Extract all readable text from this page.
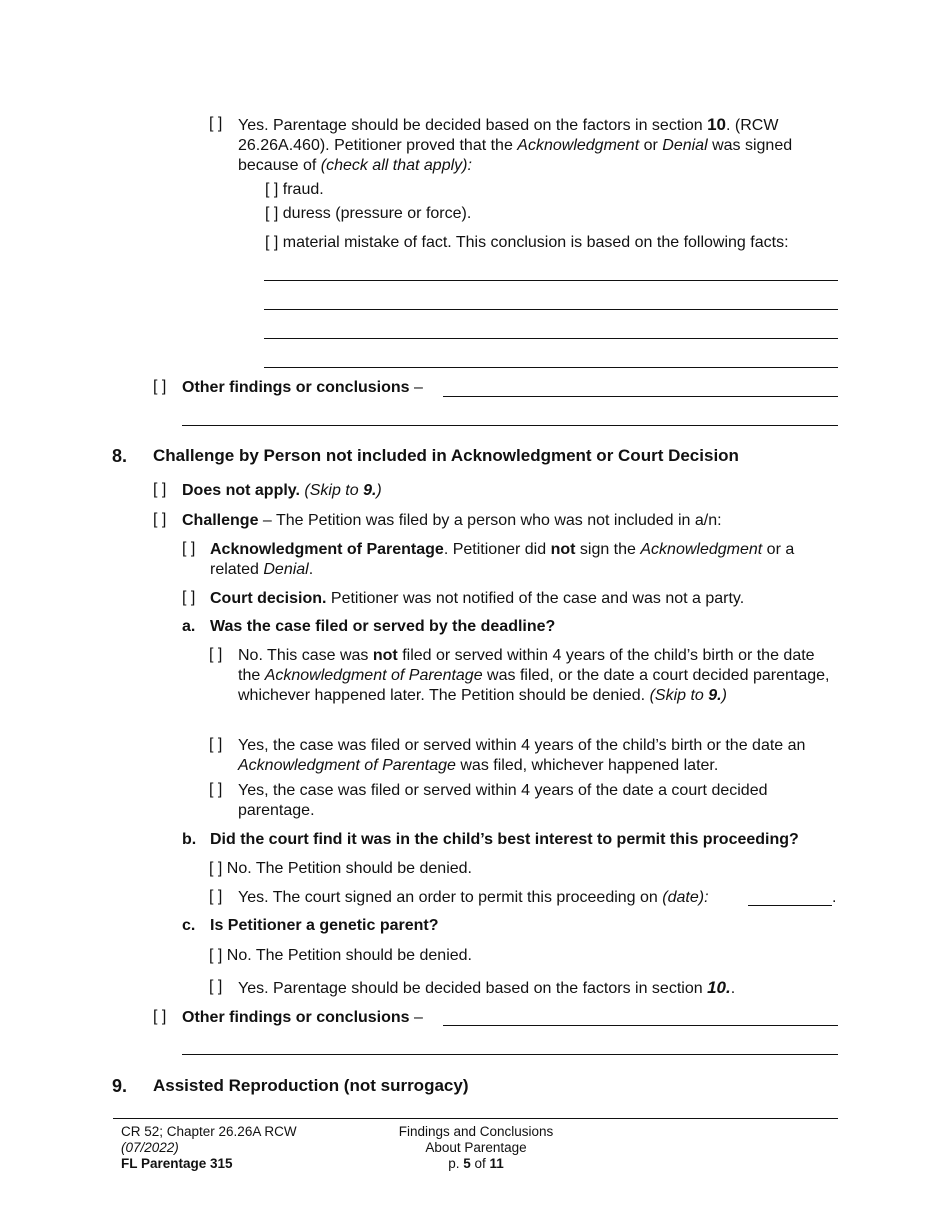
[ ] Yes. Parentage should be decided based on the factors in section 10. (RCW 26.26A.460). Petitioner proved that the Acknowledgment or Denial was signed because of (check all that apply):
[ ] fraud.
[ ] duress (pressure or force).
[ ] material mistake of fact. This conclusion is based on the following facts:
[ ] Other findings or conclusions –
8. Challenge by Person not included in Acknowledgment or Court Decision
[ ] Does not apply. (Skip to 9.)
[ ] Challenge – The Petition was filed by a person who was not included in a/n:
[ ] Acknowledgment of Parentage. Petitioner did not sign the Acknowledgment or a related Denial.
[ ] Court decision. Petitioner was not notified of the case and was not a party.
a. Was the case filed or served by the deadline?
[ ] No. This case was not filed or served within 4 years of the child’s birth or the date the Acknowledgment of Parentage was filed, or the date a court decided parentage, whichever happened later. The Petition should be denied. (Skip to 9.)
[ ] Yes, the case was filed or served within 4 years of the child’s birth or the date an Acknowledgment of Parentage was filed, whichever happened later.
[ ] Yes, the case was filed or served within 4 years of the date a court decided parentage.
b. Did the court find it was in the child’s best interest to permit this proceeding?
[ ] No. The Petition should be denied.
[ ] Yes. The court signed an order to permit this proceeding on (date):	.
c. Is Petitioner a genetic parent?
[ ] No. The Petition should be denied.
[ ] Yes. Parentage should be decided based on the factors in section 10..
[ ] Other findings or conclusions –
9. Assisted Reproduction (not surrogacy)
CR 52; Chapter 26.26A RCW
(07/2022)
FL Parentage 315
Findings and Conclusions
About Parentage
p. 5 of 11
